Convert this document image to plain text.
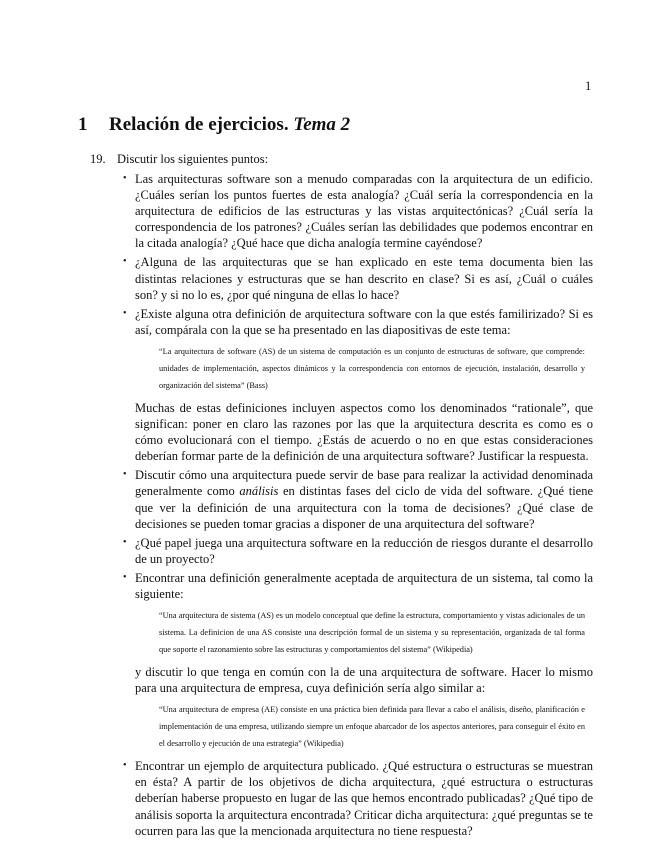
1
1 Relación de ejercicios. Tema 2
19. Discutir los siguientes puntos:
• Las arquitecturas software son a menudo comparadas con la arquitectura de un edificio. ¿Cuáles serían los puntos fuertes de esta analogía? ¿Cuál sería la correspondencia en la arquitectura de edificios de las estructuras y las vistas arquitectónicas? ¿Cuál sería la correspondencia de los patrones? ¿Cuáles serían las debilidades que podemos encontrar en la citada analogía? ¿Qué hace que dicha analogía termine cayéndose?
• ¿Alguna de las arquitecturas que se han explicado en este tema documenta bien las distintas relaciones y estructuras que se han descrito en clase? Si es así, ¿Cuál o cuáles son? y si no lo es, ¿por qué ninguna de ellas lo hace?
• ¿Existe alguna otra definición de arquitectura software con la que estés familirizado? Si es así, compárala con la que se ha presentado en las diapositivas de este tema:
“La arquitectura de software (AS) de un sistema de computación es un conjunto de estructuras de software, que comprende: unidades de implementación, aspectos dinámicos y la correspondencia con entornos de ejecución, instalación, desarrollo y organización del sistema” (Bass)
Muchas de estas definiciones incluyen aspectos como los denominados “rationale”, que significan: poner en claro las razones por las que la arquitectura descrita es como es o cómo evolucionará con el tiempo. ¿Estás de acuerdo o no en que estas consideraciones deberían formar parte de la definición de una arquitectura software? Justificar la respuesta.
• Discutir cómo una arquitectura puede servir de base para realizar la actividad denominada generalmente como análisis en distintas fases del ciclo de vida del software. ¿Qué tiene que ver la definición de una arquitectura con la toma de decisiones? ¿Qué clase de decisiones se pueden tomar gracias a disponer de una arquitectura del software?
• ¿Qué papel juega una arquitectura software en la reducción de riesgos durante el desarrollo de un proyecto?
• Encontrar una definición generalmente aceptada de arquitectura de un sistema, tal como la siguiente:
“Una arquitectura de sistema (AS) es un modelo conceptual que define la estructura, comportamiento y vistas adicionales de un sistema. La definicion de una AS consiste una descripción formal de un sistema y su representación, organizada de tal forma que soporte el razonamiento sobre las estructuras y comportamientos del sistema” (Wikipedia)
y discutir lo que tenga en común con la de una arquitectura de software. Hacer lo mismo para una arquitectura de empresa, cuya definición sería algo similar a:
“Una arquitectura de empresa (AE) consiste en una práctica bien definida para llevar a cabo el análisis, diseño, planificación e implementación de una empresa, utilizando siempre un enfoque abarcador de los aspectos anteriores, para conseguir el éxito en el desarrollo y ejecución de una estrategia” (Wikipedia)
• Encontrar un ejemplo de arquitectura publicado. ¿Qué estructura o estructuras se muestran en ésta? A partir de los objetivos de dicha arquitectura, ¿qué estructura o estructuras deberían haberse propuesto en lugar de las que hemos encontrado publicadas? ¿Qué tipo de análisis soporta la arquitectura encontrada? Criticar dicha arquitectura: ¿qué preguntas se te ocurren para las que la mencionada arquitectura no tiene respuesta?
